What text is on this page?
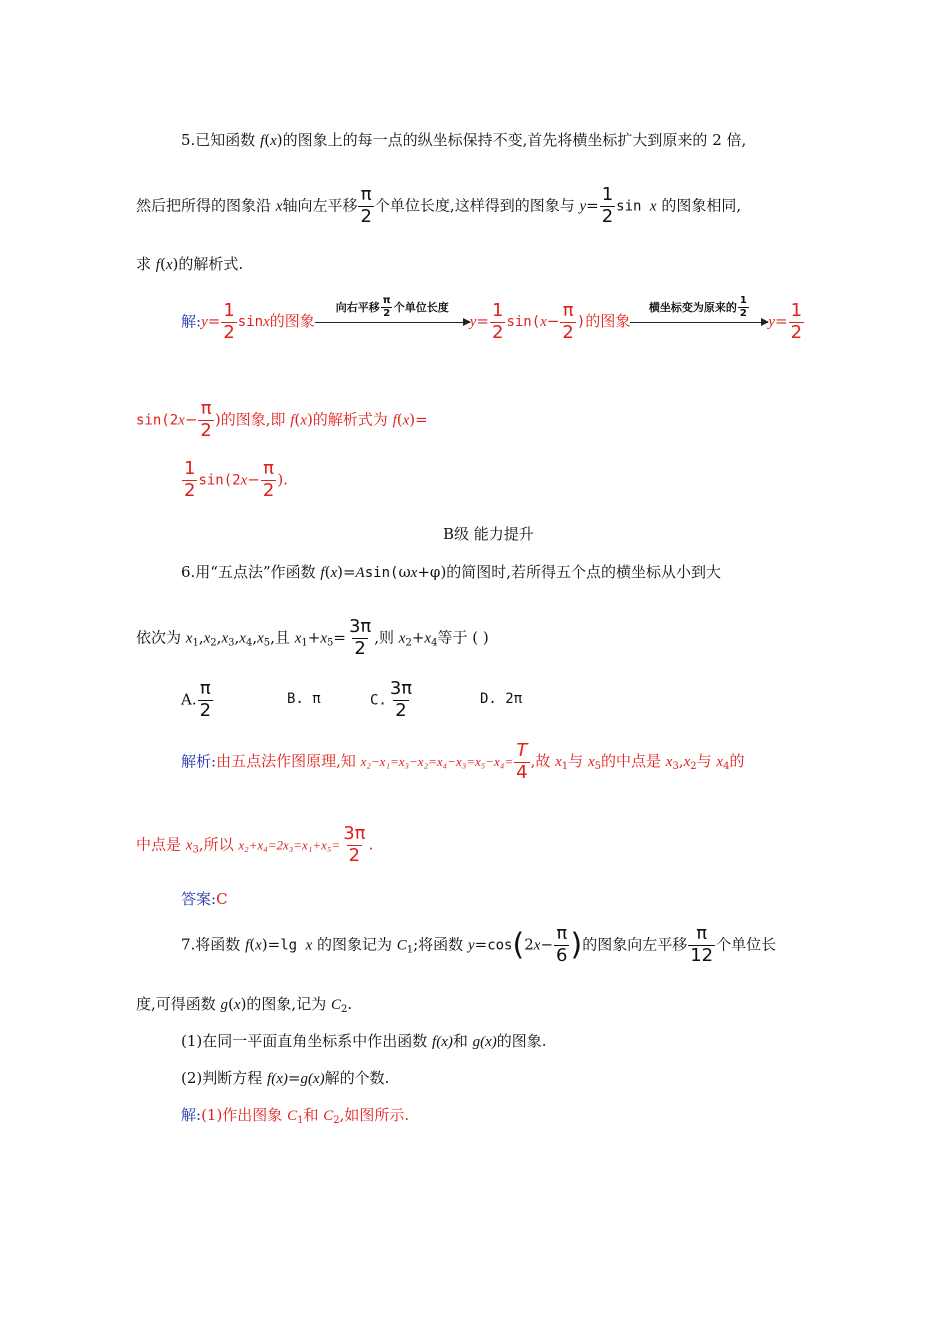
5.已知函数 f(x)的图象上的每一点的纵坐标保持不变,首先将横坐标扩大到原来的 2 倍,
然后把所得的图象沿 x轴向左平移 $\frac{\pi}{2}$ 个单位长度,这样得到的图象与 $y= \frac{1}{2}$ sin x 的图象相同,
求 f(x)的解析式.
解:y= $\frac{1}{2}$ sinx的图象
向右平移 $\frac{\pi}{2}$ 个单位长度
$y= \frac{1}{2} \sin(x- \frac{\pi}{2}$ )的图象
横坐标变为原来的 $\frac{1}{2}$
$y= \frac{1}{2}$
$\sin(2x- \frac{\pi}{2}$ )的图象,即 f(x)的解析式为 f(x)=
$\frac{1}{2} \sin(2x- \frac{\pi}{2}$ ).
B级 能力提升
6.用“五点法”作函数 f(x)=Asin(ωx+φ)的简图时,若所得五个点的横坐标从小到大
依次为 $x_1,x_2,x_3,x_4,x_5$,且 $x_1+x_5= \frac{3\pi}{2}$ ,则 $x_2+x_4$等于 ( )
A. $\frac{\pi}{2}$	B. π	C. $\frac{3\pi}{2}$	D. 2π
解析:由五点法作图原理,知 $x_2-x_1=x_3-x_2=x_4-x_3=x_5-x_4= \frac{T}{4}$ ,故 $x_1$与 $x_5$的中点是 $x_3,x_2$与 $x_4$的
中点是 $x_3$,所以 $x_2+x_4=2x_3=x_1+x_5= \frac{3\pi}{2}$ .
答案:C
7.将函数 f(x)=lg x 的图象记为 $C_1$;将函数 $y=\cos(2x- \frac{\pi}{6}$ )的图象向左平移 $\frac{\pi}{12}$ 个单位长
度,可得函数 g(x)的图象,记为 $C_2$.
(1)在同一平面直角坐标系中作出函数 f(x)和 g(x)的图象.
(2)判断方程 f(x)=g(x)解的个数.
解:(1)作出图象 $C_1$和 $C_2$,如图所示.
